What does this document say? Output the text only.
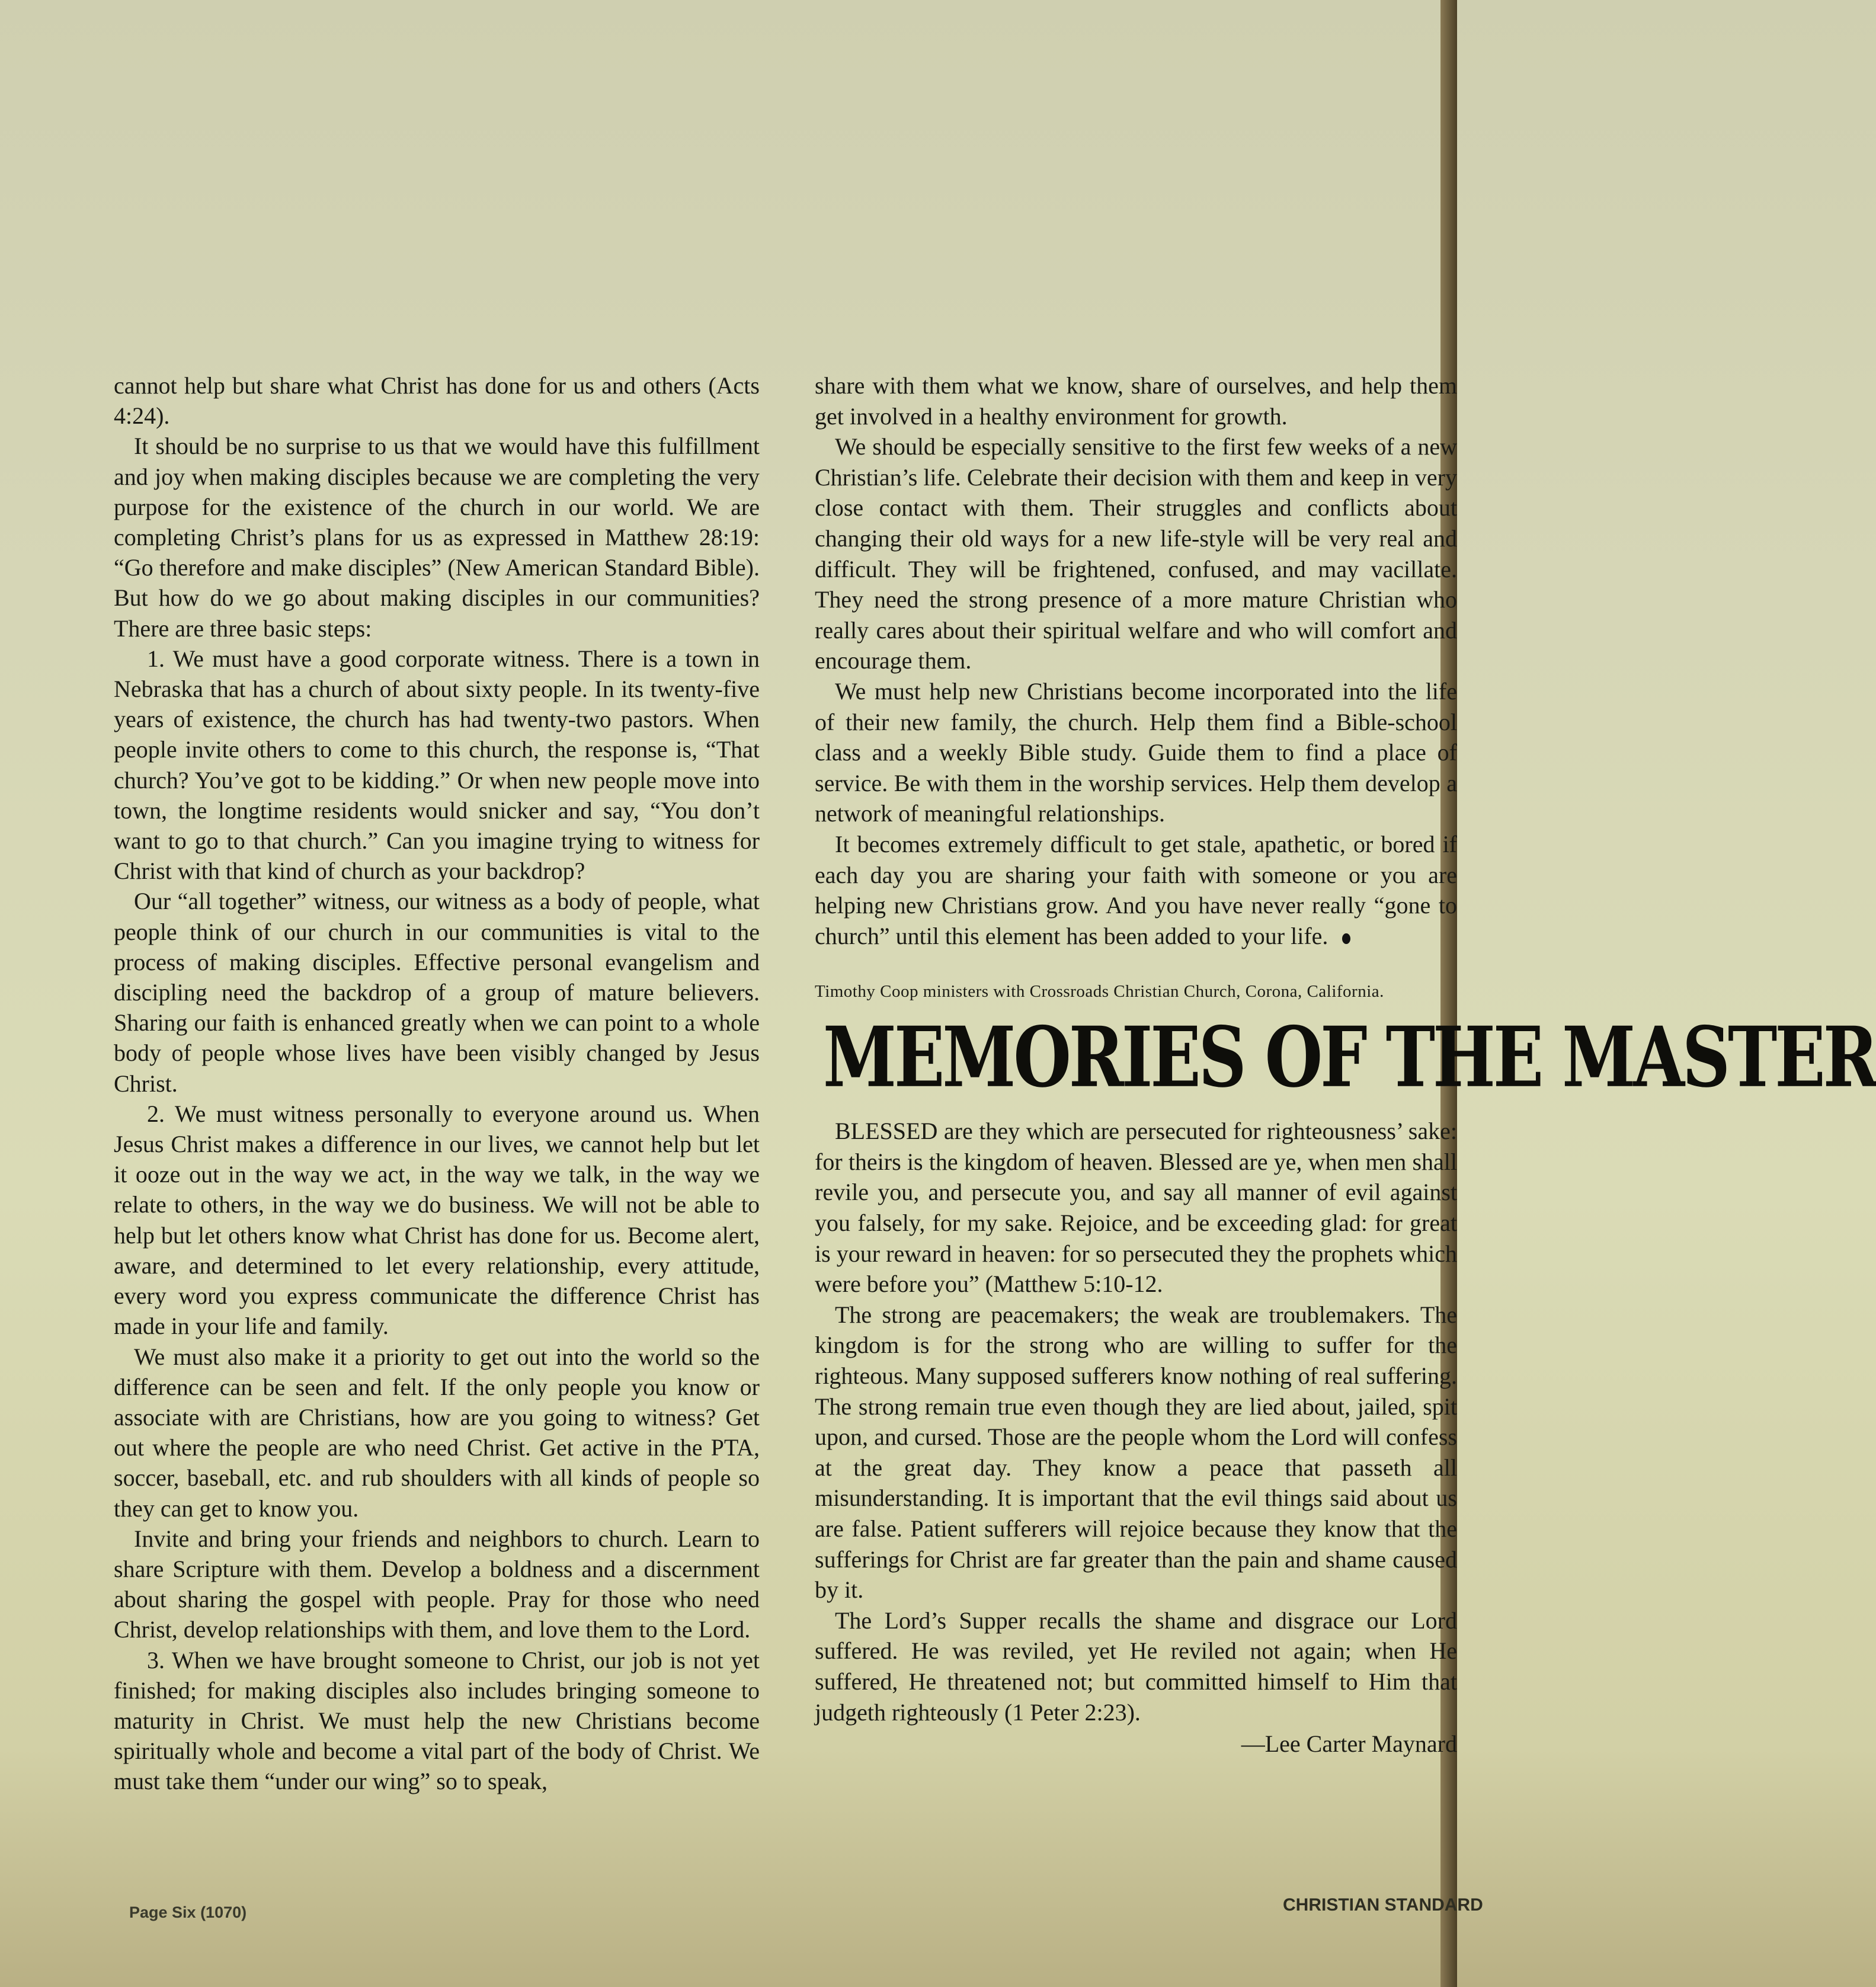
cannot help but share what Christ has done for us and others (Acts 4:24).

It should be no surprise to us that we would have this fulfillment and joy when making disciples because we are completing the very purpose for the existence of the church in our world. We are completing Christ’s plans for us as expressed in Matthew 28:19: “Go therefore and make disciples” (New American Standard Bible). But how do we go about making disciples in our communities? There are three basic steps:

1. We must have a good corporate witness. There is a town in Nebraska that has a church of about sixty people. In its twenty-five years of existence, the church has had twenty-two pastors. When people invite others to come to this church, the response is, “That church? You’ve got to be kidding.” Or when new people move into town, the longtime residents would snicker and say, “You don’t want to go to that church.” Can you imagine trying to witness for Christ with that kind of church as your backdrop?

Our “all together” witness, our witness as a body of people, what people think of our church in our communities is vital to the process of making disciples. Effective personal evangelism and discipling need the backdrop of a group of mature believers. Sharing our faith is enhanced greatly when we can point to a whole body of people whose lives have been visibly changed by Jesus Christ.

2. We must witness personally to everyone around us. When Jesus Christ makes a difference in our lives, we cannot help but let it ooze out in the way we act, in the way we talk, in the way we relate to others, in the way we do business. We will not be able to help but let others know what Christ has done for us. Become alert, aware, and determined to let every relationship, every attitude, every word you express communicate the difference Christ has made in your life and family.

We must also make it a priority to get out into the world so the difference can be seen and felt. If the only people you know or associate with are Christians, how are you going to witness? Get out where the people are who need Christ. Get active in the PTA, soccer, baseball, etc. and rub shoulders with all kinds of people so they can get to know you.

Invite and bring your friends and neighbors to church. Learn to share Scripture with them. Develop a boldness and a discernment about sharing the gospel with people. Pray for those who need Christ, develop relationships with them, and love them to the Lord.

3. When we have brought someone to Christ, our job is not yet finished; for making disciples also includes bringing someone to maturity in Christ. We must help the new Christians become spiritually whole and become a vital part of the body of Christ. We must take them “under our wing” so to speak,

share with them what we know, share of ourselves, and help them get involved in a healthy environment for growth.

We should be especially sensitive to the first few weeks of a new Christian’s life. Celebrate their decision with them and keep in very close contact with them. Their struggles and conflicts about changing their old ways for a new life-style will be very real and difficult. They will be frightened, confused, and may vacillate. They need the strong presence of a more mature Christian who really cares about their spiritual welfare and who will comfort and encourage them.

We must help new Christians become incorporated into the life of their new family, the church. Help them find a Bible-school class and a weekly Bible study. Guide them to find a place of service. Be with them in the worship services. Help them develop a network of meaningful relationships.

It becomes extremely difficult to get stale, apathetic, or bored if each day you are sharing your faith with someone or you are helping new Christians grow. And you have never really “gone to church” until this element has been added to your life.

Timothy Coop ministers with Crossroads Christian Church, Corona, California.

MEMORIES OF THE MASTER

BLESSED are they which are persecuted for righteousness’ sake: for theirs is the kingdom of heaven. Blessed are ye, when men shall revile you, and persecute you, and say all manner of evil against you falsely, for my sake. Rejoice, and be exceeding glad: for great is your reward in heaven: for so persecuted they the prophets which were before you” (Matthew 5:10-12.

The strong are peacemakers; the weak are troublemakers. The kingdom is for the strong who are willing to suffer for the righteous. Many supposed sufferers know nothing of real suffering. The strong remain true even though they are lied about, jailed, spit upon, and cursed. Those are the people whom the Lord will confess at the great day. They know a peace that passeth all misunderstanding. It is important that the evil things said about us are false. Patient sufferers will rejoice because they know that the sufferings for Christ are far greater than the pain and shame caused by it.

The Lord’s Supper recalls the shame and disgrace our Lord suffered. He was reviled, yet He reviled not again; when He suffered, He threatened not; but committed himself to Him that judgeth righteously (1 Peter 2:23).

—Lee Carter Maynard

Page Six (1070)	CHRISTIAN STANDARD
